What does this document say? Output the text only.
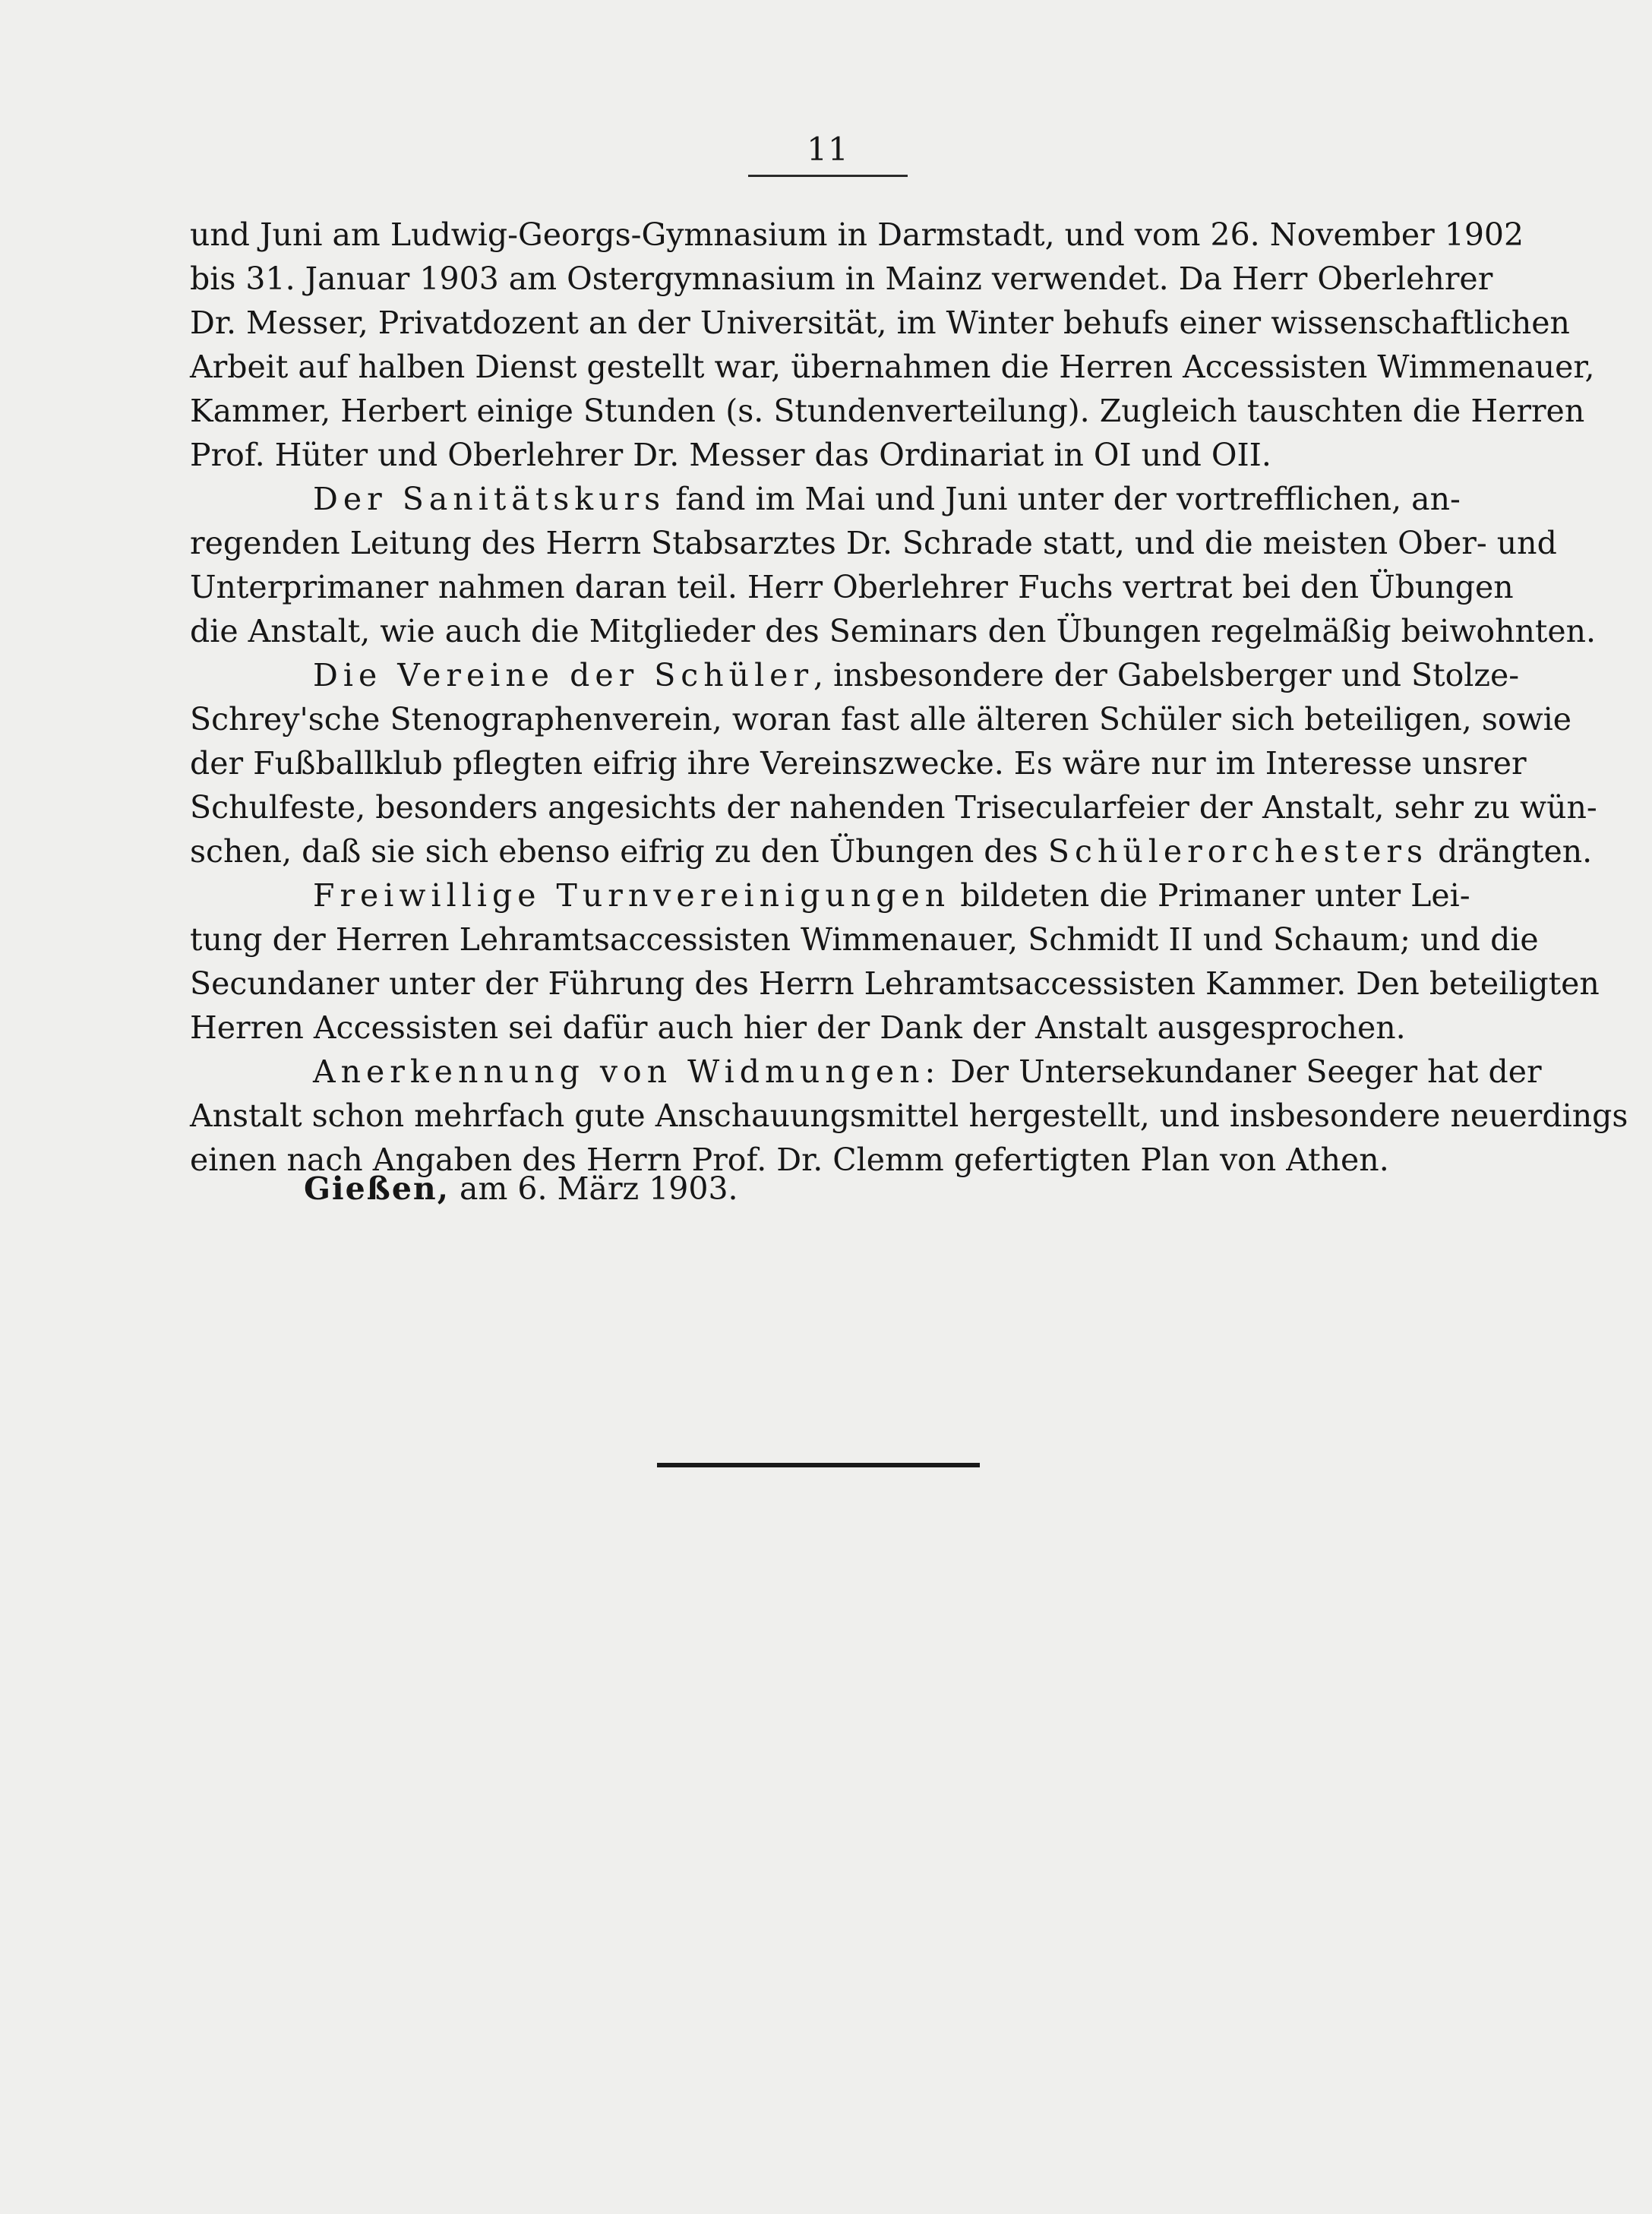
11
und Juni am Ludwig-Georgs-Gymnasium in Darmstadt, und vom 26. November 1902
bis 31. Januar 1903 am Ostergymnasium in Mainz verwendet. Da Herr Oberlehrer
Dr. Messer, Privatdozent an der Universität, im Winter behufs einer wissenschaftlichen
Arbeit auf halben Dienst gestellt war, übernahmen die Herren Accessisten Wimmenauer,
Kammer, Herbert einige Stunden (s. Stundenverteilung). Zugleich tauschten die Herren
Prof. Hüter und Oberlehrer Dr. Messer das Ordinariat in OI und OII.
Der Sanitätskurs fand im Mai und Juni unter der vortrefflichen, an-
regenden Leitung des Herrn Stabsarztes Dr. Schrade statt, und die meisten Ober- und
Unterprimaner nahmen daran teil. Herr Oberlehrer Fuchs vertrat bei den Übungen
die Anstalt, wie auch die Mitglieder des Seminars den Übungen regelmäßig beiwohnten.
Die Vereine der Schüler, insbesondere der Gabelsberger und Stolze-
Schrey'sche Stenographenverein, woran fast alle älteren Schüler sich beteiligen, sowie
der Fußballklub pflegten eifrig ihre Vereinszwecke. Es wäre nur im Interesse unsrer
Schulfeste, besonders angesichts der nahenden Trisecularfeier der Anstalt, sehr zu wün-
schen, daß sie sich ebenso eifrig zu den Übungen des Schülerorchesters drängten.
Freiwillige Turnvereinigungen bildeten die Primaner unter Lei-
tung der Herren Lehramtsaccessisten Wimmenauer, Schmidt II und Schaum; und die
Secundaner unter der Führung des Herrn Lehramtsaccessisten Kammer. Den beteiligten
Herren Accessisten sei dafür auch hier der Dank der Anstalt ausgesprochen.
Anerkennung von Widmungen: Der Untersekundaner Seeger hat der
Anstalt schon mehrfach gute Anschauungsmittel hergestellt, und insbesondere neuerdings
einen nach Angaben des Herrn Prof. Dr. Clemm gefertigten Plan von Athen.
Gießen, am 6. März 1903.
